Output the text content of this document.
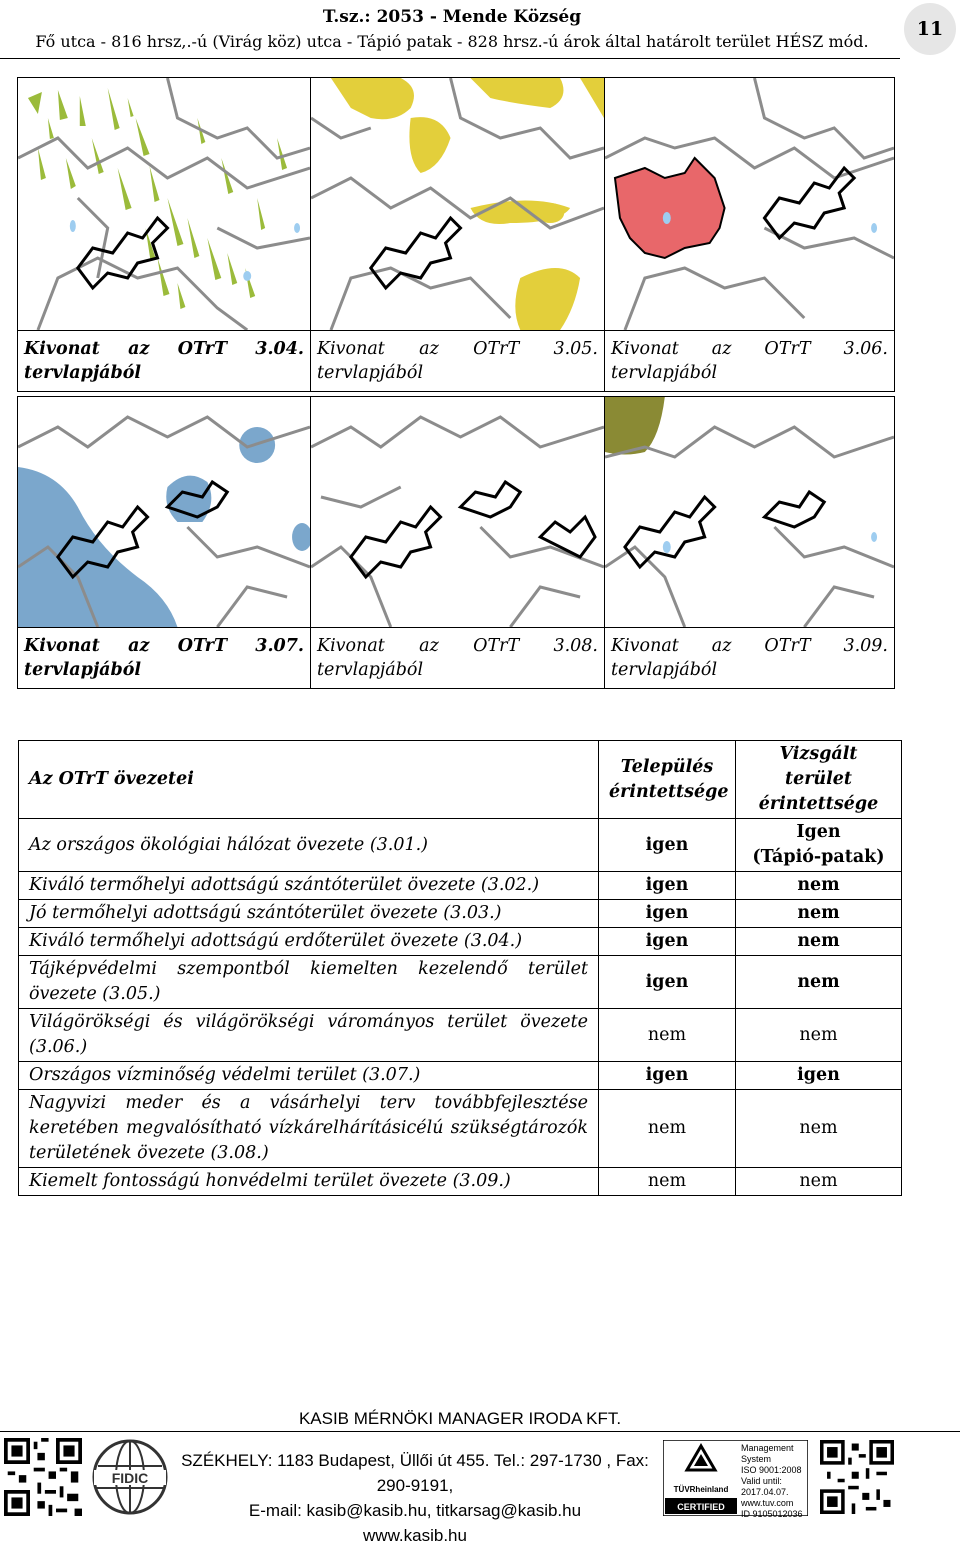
T.sz.: 2053 - Mende Község
Fő utca - 816 hrsz,.-ú (Virág köz) utca - Tápió patak - 828 hrsz.-ú árok által határolt terület HÉSZ mód.
11

Kivonat az OTrT 3.04.
tervlapjából	Kivonat az OTrT 3.05.
tervlapjából	Kivonat az OTrT 3.06.
tervlapjából

Kivonat az OTrT 3.07.
tervlapjából	Kivonat az OTrT 3.08.
tervlapjából	Kivonat az OTrT 3.09.
tervlapjából
Az OTrT övezetei	Település
érintettsége	Vizsgált
terület
érintettsége
Az országos ökológiai hálózat övezete (3.01.)	igen	Igen
(Tápió-patak)
Kiváló termőhelyi adottságú szántóterület övezete (3.02.)	igen	nem
Jó termőhelyi adottságú szántóterület övezete (3.03.)	igen	nem
Kiváló termőhelyi adottságú erdőterület övezete (3.04.)	igen	nem

Tájképvédelmi szempontból kiemelten kezelendő terület
övezete (3.05.)	igen	nem

Világörökségi és világörökségi várományos terület övezete
(3.06.)	nem	nem
Országos vízminőség védelmi terület (3.07.)	igen	igen

Nagyvizi meder és a vásárhelyi terv továbbfejlesztése
keretében megvalósítható vízkárelhárításicélú szükségtározók
területének övezete (3.08.)	nem	nem
Kiemelt fontosságú honvédelmi terület övezete (3.09.)	nem	nem
KASIB MÉRNÖKI MANAGER IRODA KFT.
FIDIC
SZÉKHELY: 1183 Budapest, Üllői út 455. Tel.: 297-1730 , Fax: 290-9191,
E-mail: kasib@kasib.hu, titkarsag@kasib.hu
www.kasib.hu
TÜVRheinland
CERTIFIED
Management
System
ISO 9001:2008
Valid until:
2017.04.07.
www.tuv.com
ID 9105012036
